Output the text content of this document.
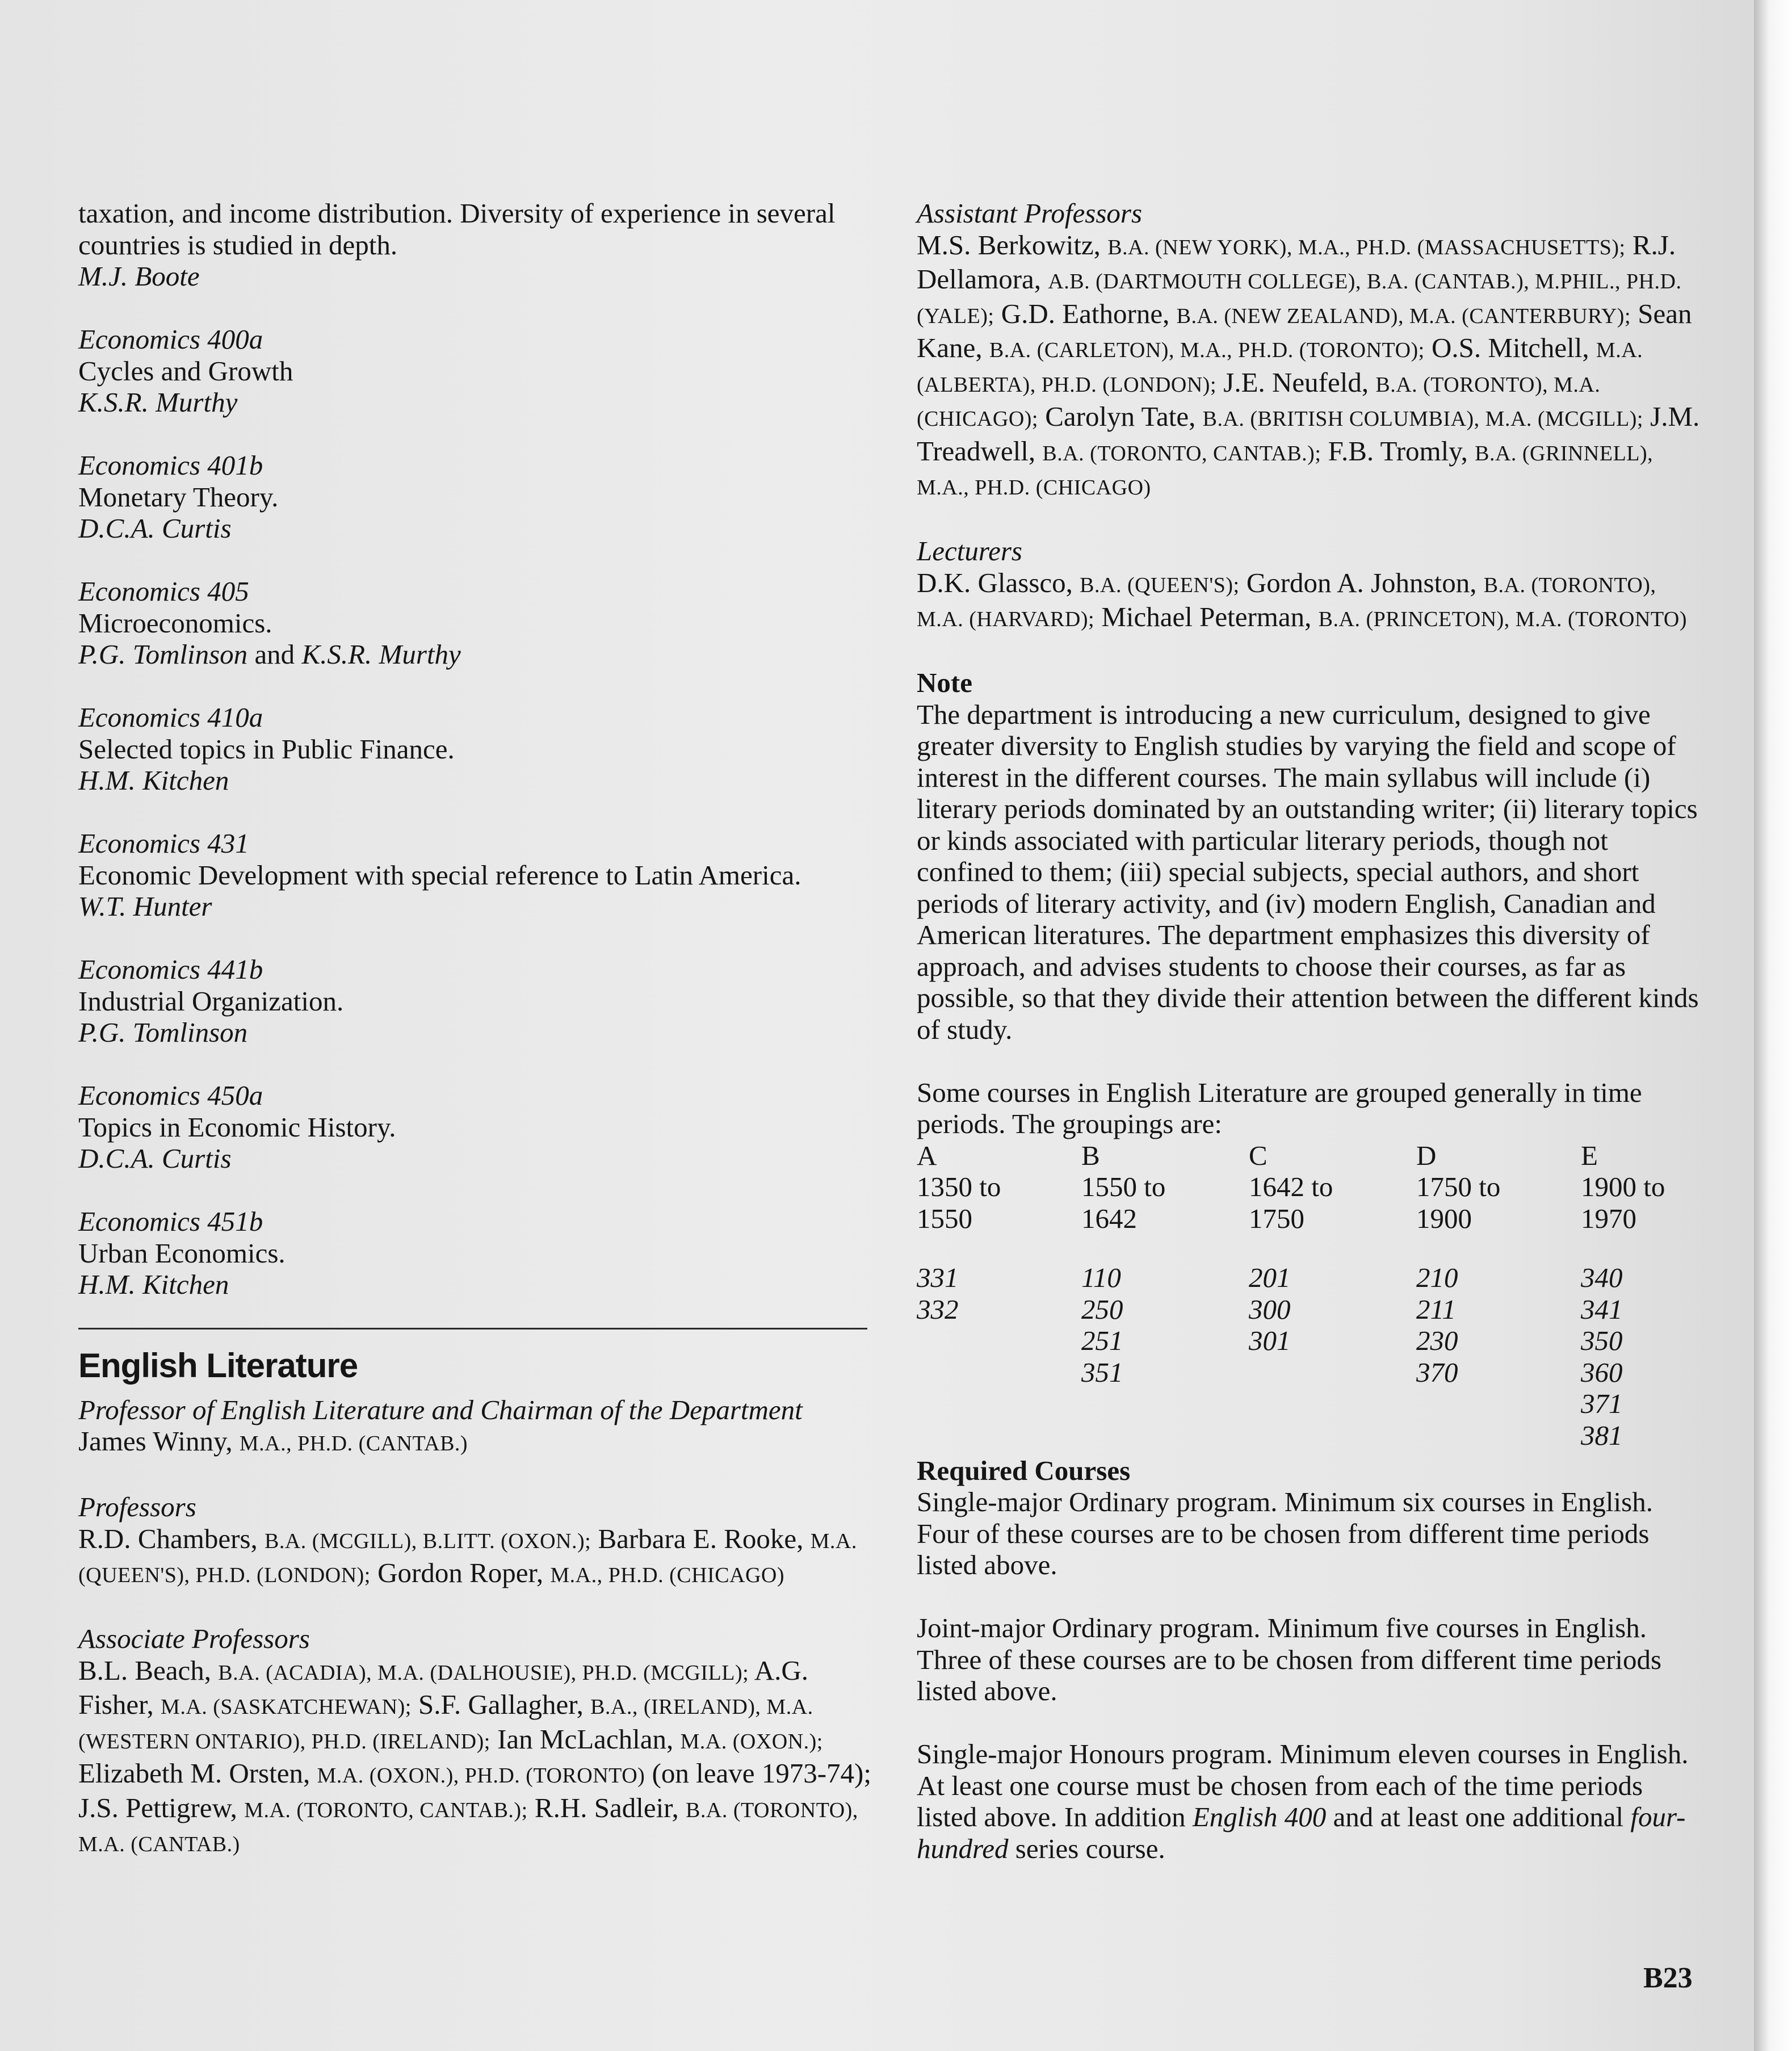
taxation, and income distribution. Diversity of experience in several countries is studied in depth.

M.J. Boote

Economics 400a

Cycles and Growth

K.S.R. Murthy

Economics 401b

Monetary Theory.

D.C.A. Curtis

Economics 405

Microeconomics.

P.G. Tomlinson and K.S.R. Murthy

Economics 410a

Selected topics in Public Finance.

H.M. Kitchen

Economics 431

Economic Development with special reference to Latin America.

W.T. Hunter

Economics 441b

Industrial Organization.

P.G. Tomlinson

Economics 450a

Topics in Economic History.

D.C.A. Curtis

Economics 451b

Urban Economics.

H.M. Kitchen

English Literature

Professor of English Literature and Chairman of the Department

James Winny, M.A., PH.D. (CANTAB.)

Professors

R.D. Chambers, B.A. (MCGILL), B.LITT. (OXON.); Barbara E. Rooke, M.A. (QUEEN'S), PH.D. (LONDON); Gordon Roper, M.A., PH.D. (CHICAGO)

Associate Professors

B.L. Beach, B.A. (ACADIA), M.A. (DALHOUSIE), PH.D. (MCGILL); A.G. Fisher, M.A. (SASKATCHEWAN); S.F. Gallagher, B.A., (IRELAND), M.A. (WESTERN ONTARIO), PH.D. (IRELAND); Ian McLachlan, M.A. (OXON.); Elizabeth M. Orsten, M.A. (OXON.), PH.D. (TORONTO) (on leave 1973-74); J.S. Pettigrew, M.A. (TORONTO, CANTAB.); R.H. Sadleir, B.A. (TORONTO), M.A. (CANTAB.)

Assistant Professors

M.S. Berkowitz, B.A. (NEW YORK), M.A., PH.D. (MASSACHUSETTS); R.J. Dellamora, A.B. (DARTMOUTH COLLEGE), B.A. (CANTAB.), M.PHIL., PH.D. (YALE); G.D. Eathorne, B.A. (NEW ZEALAND), M.A. (CANTERBURY); Sean Kane, B.A. (CARLETON), M.A., PH.D. (TORONTO); O.S. Mitchell, M.A. (ALBERTA), PH.D. (LONDON); J.E. Neufeld, B.A. (TORONTO), M.A. (CHICAGO); Carolyn Tate, B.A. (BRITISH COLUMBIA), M.A. (MCGILL); J.M. Treadwell, B.A. (TORONTO, CANTAB.); F.B. Tromly, B.A. (GRINNELL), M.A., PH.D. (CHICAGO)

Lecturers

D.K. Glassco, B.A. (QUEEN'S); Gordon A. Johnston, B.A. (TORONTO), M.A. (HARVARD); Michael Peterman, B.A. (PRINCETON), M.A. (TORONTO)

Note

The department is introducing a new curriculum, designed to give greater diversity to English studies by varying the field and scope of interest in the different courses. The main syllabus will include (i) literary periods dominated by an outstanding writer; (ii) literary topics or kinds associated with particular literary periods, though not confined to them; (iii) special subjects, special authors, and short periods of literary activity, and (iv) modern English, Canadian and American literatures. The department emphasizes this diversity of approach, and advises students to choose their courses, as far as possible, so that they divide their attention between the different kinds of study.

Some courses in English Literature are grouped generally in time periods. The groupings are:

A
1350 to
1550
331
332
B
1550 to
1642
110
250
251
351
C
1642 to
1750
201
300
301
D
1750 to
1900
210
211
230
370
E
1900 to
1970
340
341
350
360
371
381

Required Courses

Single-major Ordinary program. Minimum six courses in English. Four of these courses are to be chosen from different time periods listed above.

Joint-major Ordinary program. Minimum five courses in English. Three of these courses are to be chosen from different time periods listed above.

Single-major Honours program. Minimum eleven courses in English. At least one course must be chosen from each of the time periods listed above. In addition English 400 and at least one additional four-hundred series course.

B23
